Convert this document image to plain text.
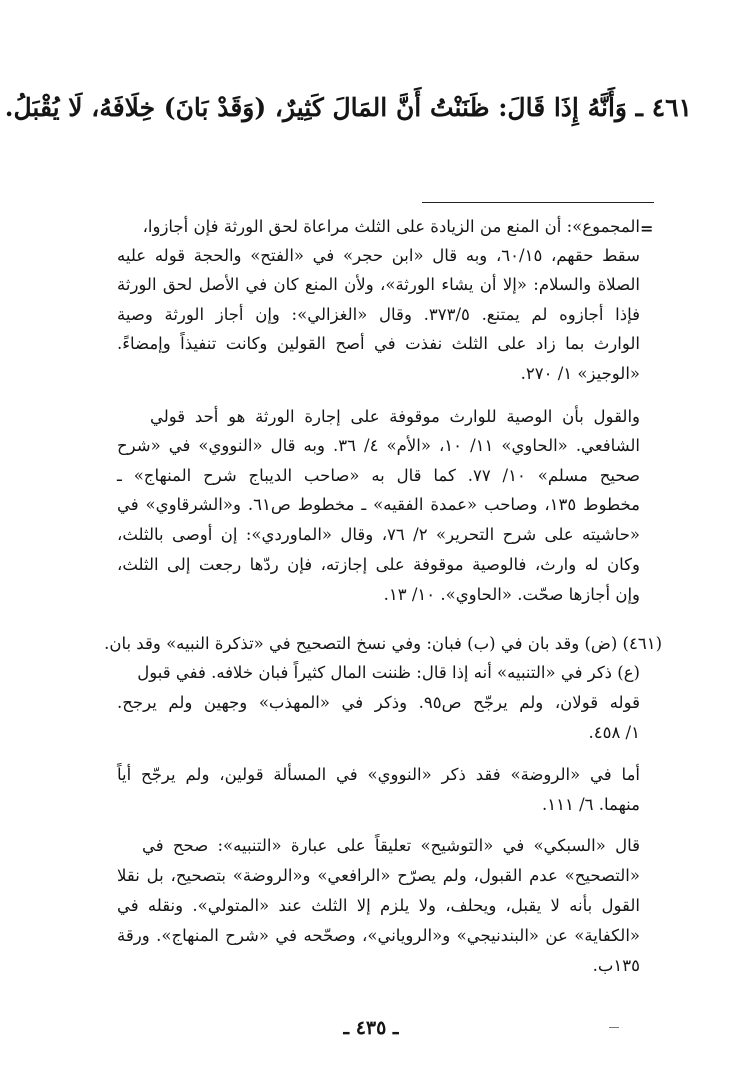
٤٦١ ـ وَأَنَّهُ إِذَا قَالَ: ظَنَنْتُ أَنَّ المَالَ كَثِيرٌ، (وَقَدْ بَانَ) خِلَافَهُ، لَا يُقْبَلُ.
=
المجموع»: أن المنع من الزيادة على الثلث مراعاة لحق الورثة فإن أجازوا،
سقط حقهم، ٦٠/١٥، وبه قال «ابن حجر» في «الفتح» والحجة قوله عليه
الصلاة والسلام: «إلا أن يشاء الورثة»، ولأن المنع كان في الأصل لحق الورثة
فإذا أجازوه لم يمتنع. ٣٧٣/٥. وقال «الغزالي»: وإن أجاز الورثة وصية
الوارث بما زاد على الثلث نفذت في أصح القولين وكانت تنفيذاً وإمضاءً.
«الوجيز» ١/ ٢٧٠.
والقول بأن الوصية للوارث موقوفة على إجارة الورثة هو أحد قولي
الشافعي. «الحاوي» ١١/ ١٠، «الأم» ٤/ ٣٦. وبه قال «النووي» في «شرح
صحيح مسلم» ١٠/ ٧٧. كما قال به «صاحب الديباج شرح المنهاج» ـ
مخطوط ١٣٥، وصاحب «عمدة الفقيه» ـ مخطوط ص٦١. و«الشرقاوي» في
«حاشيته على شرح التحرير» ٢/ ٧٦، وقال «الماوردي»: إن أوصى بالثلث،
وكان له وارث، فالوصية موقوفة على إجازته، فإن ردّها رجعت إلى الثلث،
وإن أجازها صحّت. «الحاوي». ١٠/ ١٣.
(٤٦١) (ض) وقد بان في (ب) فبان: وفي نسخ التصحيح في «تذكرة النبيه» وقد بان.
(ع) ذكر في «التنبيه» أنه إذا قال: ظننت المال كثيراً فبان خلافه. ففي قبول
قوله قولان، ولم يرجّح ص٩٥. وذكر في «المهذب» وجهين ولم يرجح.
١/ ٤٥٨.
أما في «الروضة» فقد ذكر «النووي» في المسألة قولين، ولم يرجّح أياً
منهما. ٦/ ١١١.
قال «السبكي» في «التوشيح» تعليقاً على عبارة «التنبيه»: صحح في
«التصحيح» عدم القبول، ولم يصرّح «الرافعي» و«الروضة» بتصحيح، بل نقلا
القول بأنه لا يقبل، ويحلف، ولا يلزم إلا الثلث عند «المتولي». ونقله في
«الكفاية» عن «البندنيجي» و«الروياني»، وصحّحه في «شرح المنهاج». ورقة
١٣٥ب.
ـ ٤٣٥ ـ
